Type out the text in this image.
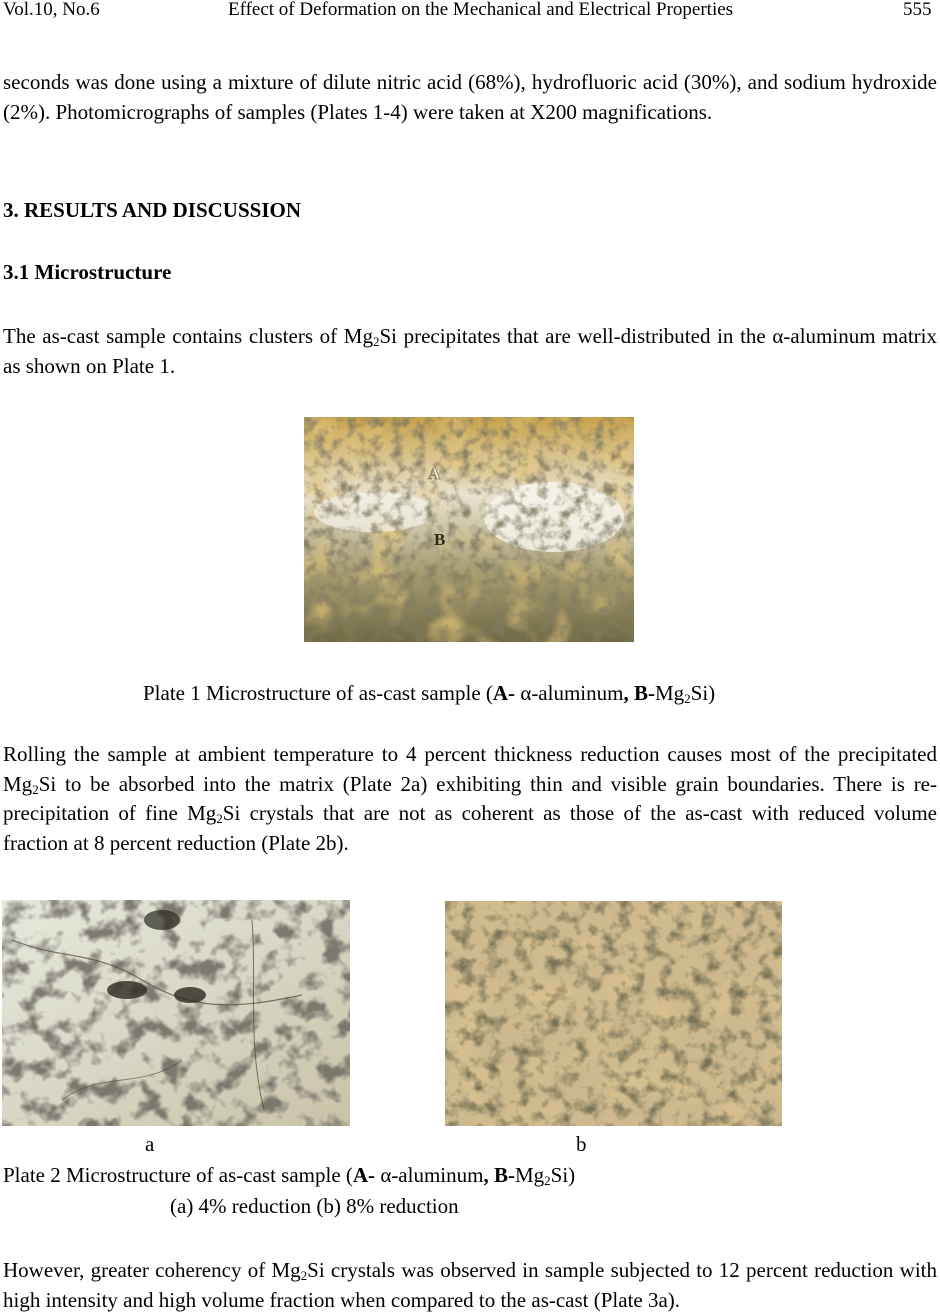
Vol.10, No.6	Effect of Deformation on the Mechanical and Electrical Properties	555

seconds was done using a mixture of dilute nitric acid (68%), hydrofluoric acid (30%), and sodium hydroxide (2%). Photomicrographs of samples (Plates 1-4) were taken at X200 magnifications.

3. RESULTS AND DISCUSSION

3.1 Microstructure

The as-cast sample contains clusters of $Mg_2Si$ precipitates that are well-distributed in the α-aluminum matrix as shown on Plate 1.

A
B

Plate 1 Microstructure of as-cast sample (A- α-aluminum, $B-Mg_2Si$)

Rolling the sample at ambient temperature to 4 percent thickness reduction causes most of the precipitated $Mg_2Si$ to be absorbed into the matrix (Plate 2a) exhibiting thin and visible grain boundaries. There is re-precipitation of fine $Mg_2Si$ crystals that are not as coherent as those of the as-cast with reduced volume fraction at 8 percent reduction (Plate 2b).

a	b

Plate 2 Microstructure of as-cast sample (A- α-aluminum, $B-Mg_2Si$)

(a) 4% reduction (b) 8% reduction

However, greater coherency of $Mg_2Si$ crystals was observed in sample subjected to 12 percent reduction with high intensity and high volume fraction when compared to the as-cast (Plate 3a).
